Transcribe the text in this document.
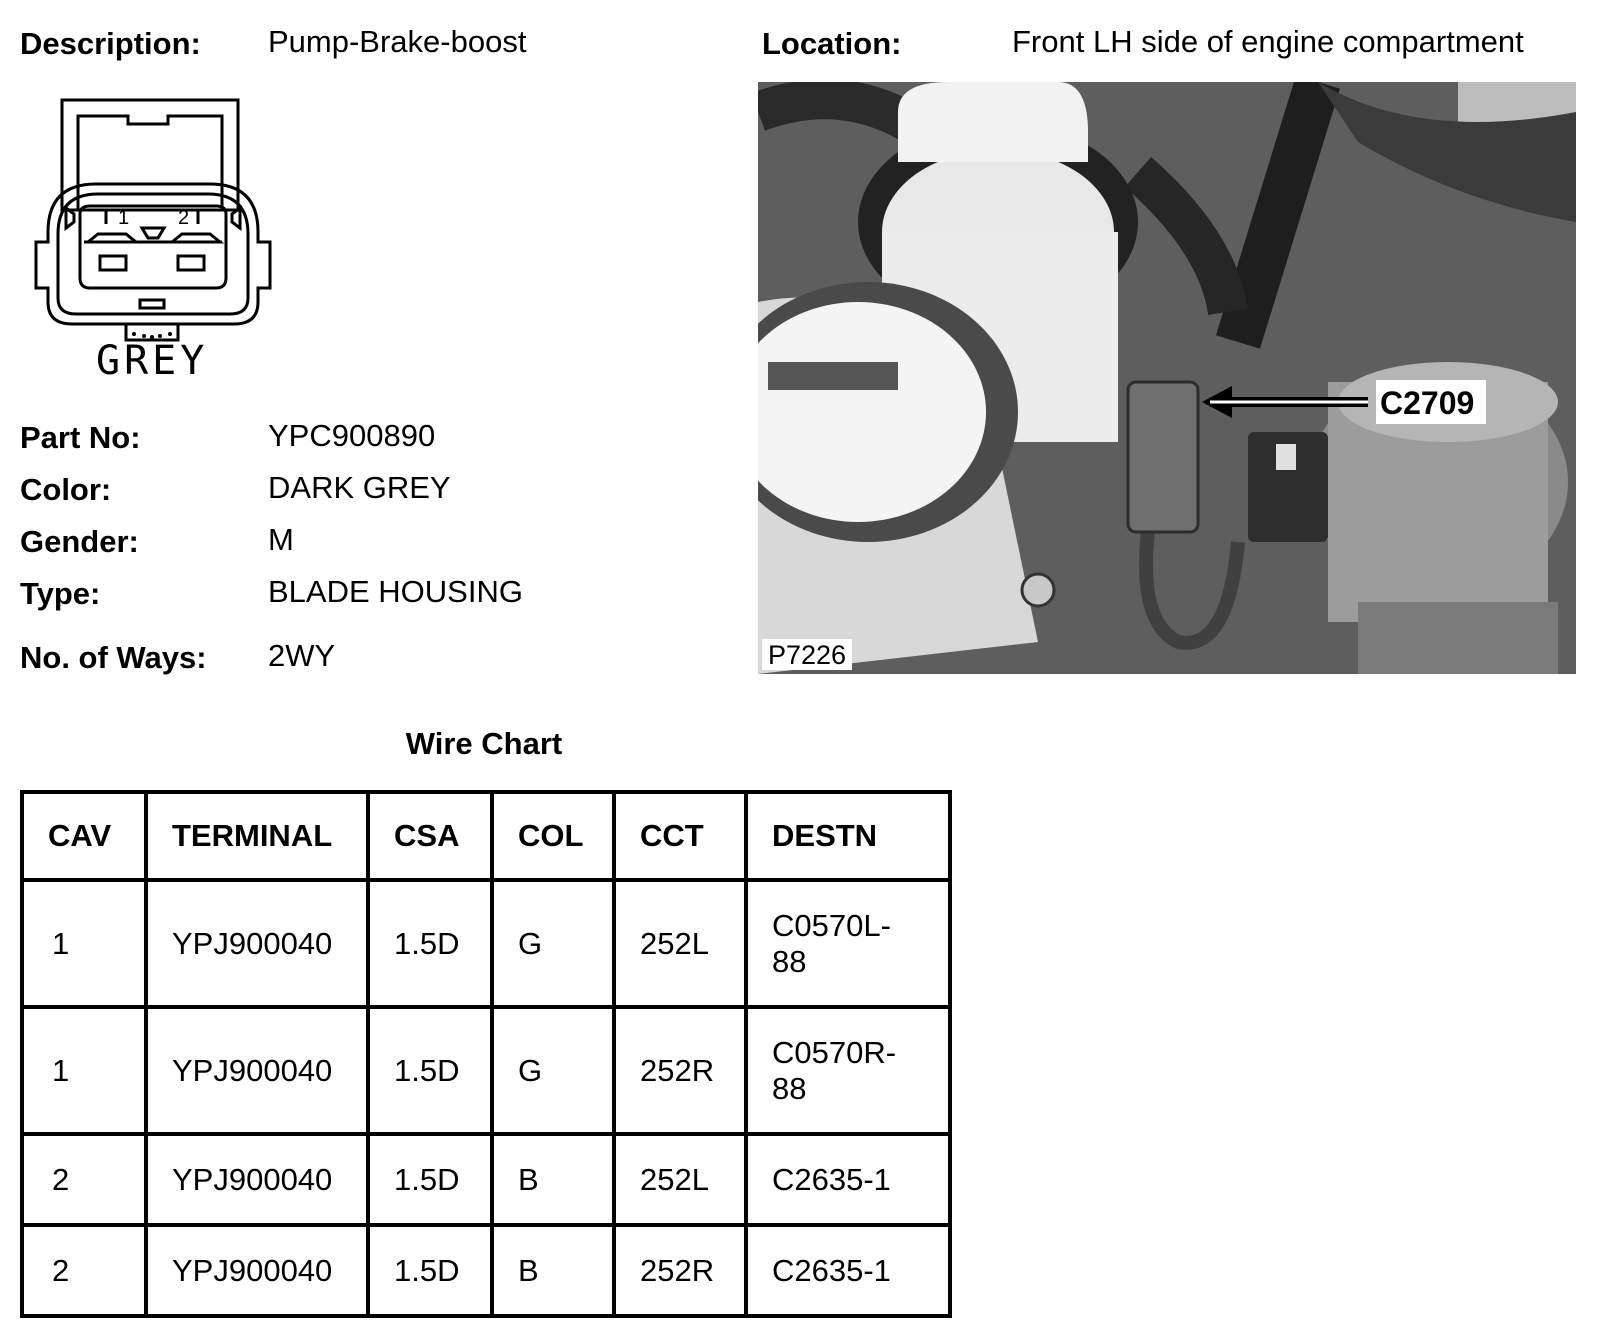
Description: Pump-Brake-boost	Location:	Front LH side of engine compartment
1 2
GREY
Part No:	YPC900890
Color:	DARK GREY
Gender:	M
Type:	BLADE HOUSING
No. of Ways: 2WY
C2709
P7226
Wire Chart
CAV	TERMINAL	CSA	COL	CCT	DESTN
1	YPJ900040	1.5D	G	252L	C0570L-88
1	YPJ900040	1.5D	G	252R	C0570R-88
2	YPJ900040	1.5D	B	252L	C2635-1
2	YPJ900040	1.5D	B	252R	C2635-1
